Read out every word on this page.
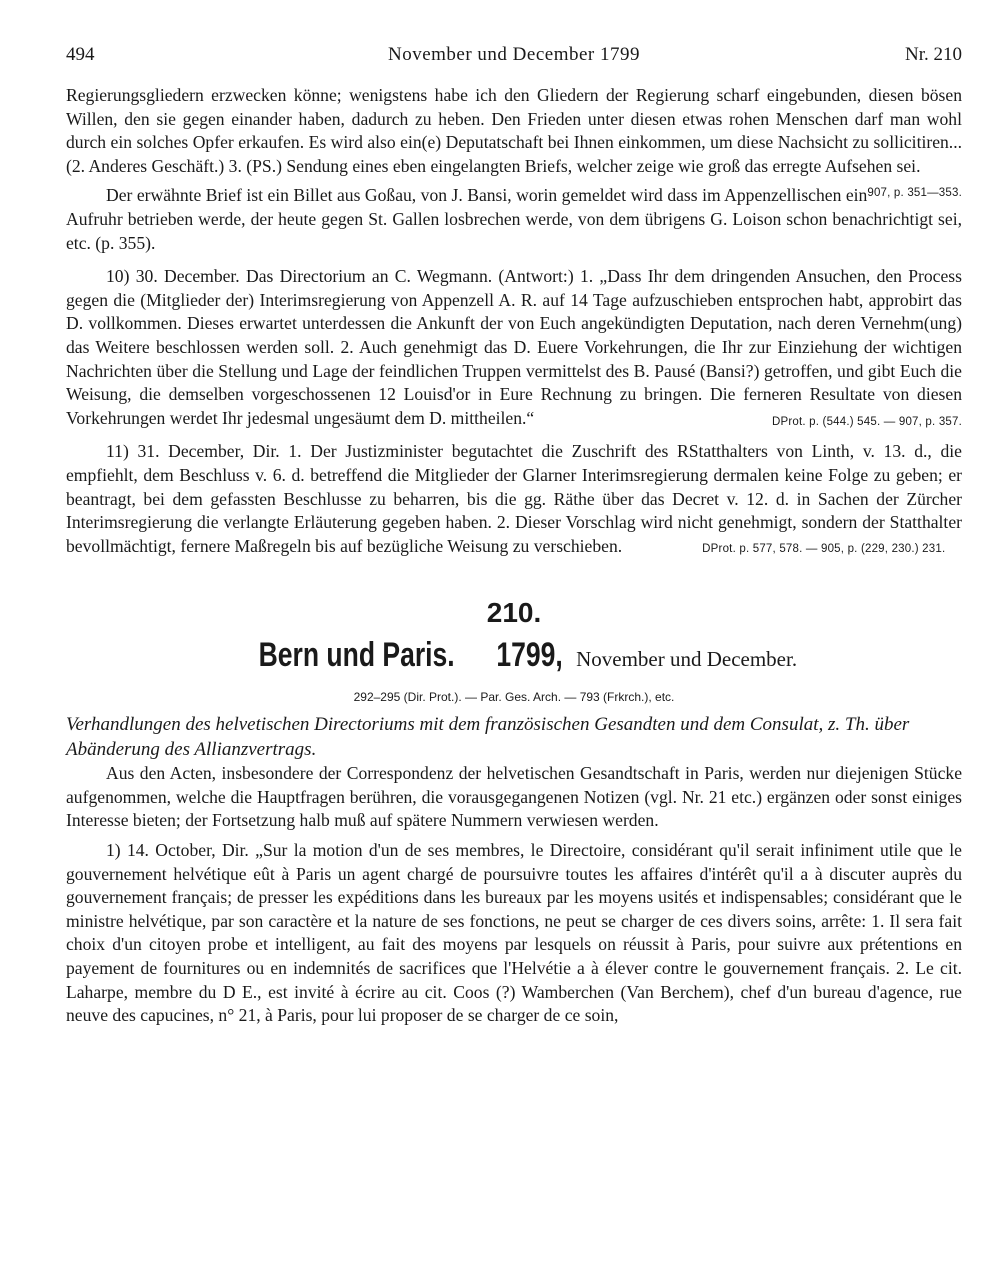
494	November und December 1799	Nr. 210

Regierungsgliedern erzwecken könne; wenigstens habe ich den Gliedern der Regierung scharf eingebunden, diesen bösen Willen, den sie gegen einander haben, dadurch zu heben. Den Frieden unter diesen etwas rohen Menschen darf man wohl durch ein solches Opfer erkaufen. Es wird also ein(e) Deputatschaft bei Ihnen einkommen, um diese Nachsicht zu sollicitiren... (2. Anderes Geschäft.) 3. (PS.) Sendung eines eben eingelangten Briefs, welcher zeige wie groß das erregte Aufsehen sei.
907, p. 351—353.

Der erwähnte Brief ist ein Billet aus Goßau, von J. Bansi, worin gemeldet wird dass im Appenzellischen ein Aufruhr betrieben werde, der heute gegen St. Gallen losbrechen werde, von dem übrigens G. Loison schon benachrichtigt sei, etc. (p. 355).

10) 30. December. Das Directorium an C. Wegmann. (Antwort:) 1. „Dass Ihr dem dringenden Ansuchen, den Process gegen die (Mitglieder der) Interimsregierung von Appenzell A. R. auf 14 Tage aufzuschieben entsprochen habt, approbirt das D. vollkommen. Dieses erwartet unterdessen die Ankunft der von Euch angekündigten Deputation, nach deren Vernehm(ung) das Weitere beschlossen werden soll. 2. Auch genehmigt das D. Euere Vorkehrungen, die Ihr zur Einziehung der wichtigen Nachrichten über die Stellung und Lage der feindlichen Truppen vermittelst des B. Pausé (Bansi?) getroffen, und gibt Euch die Weisung, die demselben vorgeschossenen 12 Louisd'or in Eure Rechnung zu bringen. Die ferneren Resultate von diesen Vorkehrungen werdet Ihr jedesmal ungesäumt dem D. mittheilen.“	DProt. p. (544.) 545. — 907, p. 357.

11) 31. December, Dir. 1. Der Justizminister begutachtet die Zuschrift des RStatthalters von Linth, v. 13. d., die empfiehlt, dem Beschluss v. 6. d. betreffend die Mitglieder der Glarner Interimsregierung dermalen keine Folge zu geben; er beantragt, bei dem gefassten Beschlusse zu beharren, bis die gg. Räthe über das Decret v. 12. d. in Sachen der Zürcher Interimsregierung die verlangte Erläuterung gegeben haben. 2. Dieser Vorschlag wird nicht genehmigt, sondern der Statthalter bevollmächtigt, fernere Maßregeln bis auf bezügliche Weisung zu verschieben.	DProt. p. 577, 578. — 905, p. (229, 230.) 231.

210.

Bern und Paris. 1799, November und December.

292–295 (Dir. Prot.). — Par. Ges. Arch. — 793 (Frkrch.), etc.

Verhandlungen des helvetischen Directoriums mit dem französischen Gesandten und dem Consulat, z. Th. über Abänderung des Allianzvertrags.

Aus den Acten, insbesondere der Correspondenz der helvetischen Gesandtschaft in Paris, werden nur diejenigen Stücke aufgenommen, welche die Hauptfragen berühren, die vorausgegangenen Notizen (vgl. Nr. 21 etc.) ergänzen oder sonst einiges Interesse bieten; der Fortsetzung halb muß auf spätere Nummern verwiesen werden.

1) 14. October, Dir. „Sur la motion d'un de ses membres, le Directoire, considérant qu'il serait infiniment utile que le gouvernement helvétique eût à Paris un agent chargé de poursuivre toutes les affaires d'intérêt qu'il a à discuter auprès du gouvernement français; de presser les expéditions dans les bureaux par les moyens usités et indispensables; considérant que le ministre helvétique, par son caractère et la nature de ses fonctions, ne peut se charger de ces divers soins, arrête: 1. Il sera fait choix d'un citoyen probe et intelligent, au fait des moyens par lesquels on réussit à Paris, pour suivre aux prétentions en payement de fournitures ou en indemnités de sacrifices que l'Helvétie a à élever contre le gouvernement français. 2. Le cit. Laharpe, membre du D E., est invité à écrire au cit. Coos (?) Wamberchen (Van Berchem), chef d'un bureau d'agence, rue neuve des capucines, n° 21, à Paris, pour lui proposer de se charger de ce soin,
